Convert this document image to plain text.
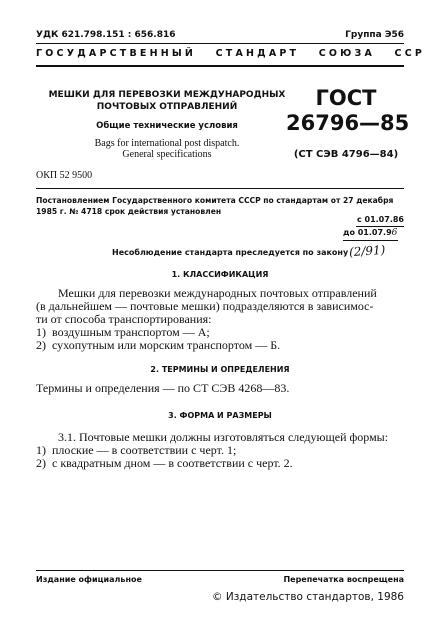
УДК 621.798.151 : 656.816	Группа Э56
ГОСУДАРСТВЕННЫЙ   СТАНДАРТ   СОЮЗА   ССР
МЕШКИ ДЛЯ ПЕРЕВОЗКИ МЕЖДУНАРОДНЫХ
ПОЧТОВЫХ ОТПРАВЛЕНИЙ
Общие технические условия
Bags for international post dispatch.
General specifications
ГОСТ
26796—85
(СТ СЭВ 4796—84)
ОКП 52 9500
Постановлением Государственного комитета СССР по стандартам от 27 декабря
1985 г. № 4718 срок действия установлен
с 01.07.86
до 01.07.96
Несоблюдение стандарта преследуется по закону (2/91)
1. КЛАССИФИКАЦИЯ
Мешки для перевозки международных почтовых отправлений
(в дальнейшем — почтовые мешки) подразделяются в зависимос-
ти от способа транспортирования:
1)  воздушным транспортом — А;
2)  сухопутным или морским транспортом — Б.
2. ТЕРМИНЫ И ОПРЕДЕЛЕНИЯ
Термины и определения — по СТ СЭВ 4268—83.
3. ФОРМА И РАЗМЕРЫ
3.1. Почтовые мешки должны изготовляться следующей формы:
1)  плоские — в соответствии с черт. 1;
2)  с квадратным дном — в соответствии с черт. 2.
Издание официальное	Перепечатка воспрещена
© Издательство стандартов, 1986
